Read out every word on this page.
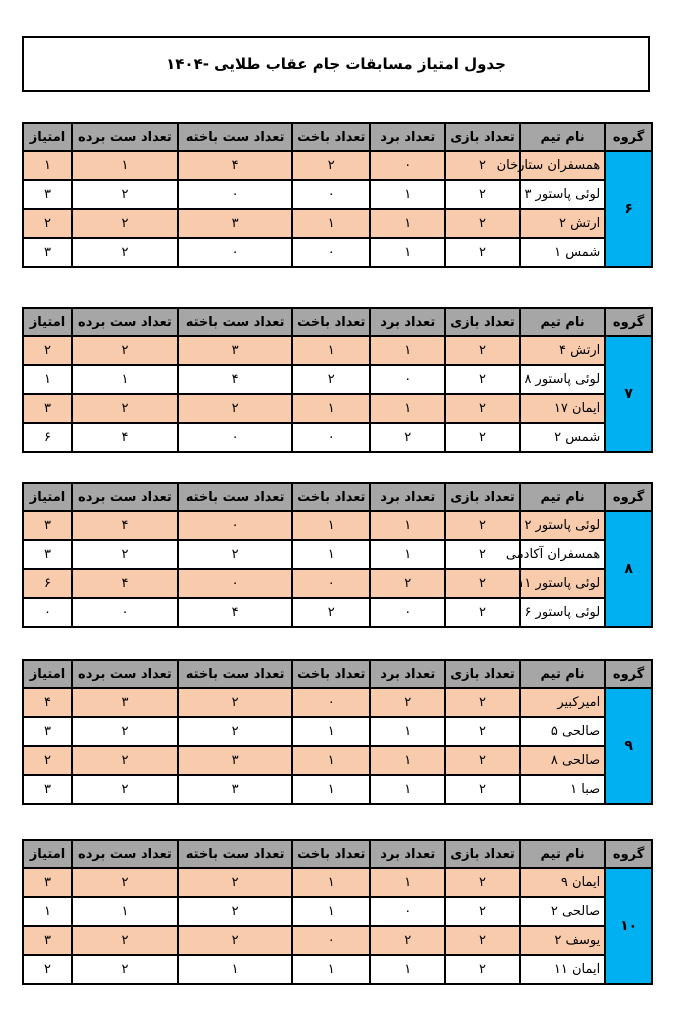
جدول امتیاز مسابقات جام عقاب طلایی -۱۴۰۴
گروه	نام تیم	تعداد بازی	تعداد برد	تعداد باخت	تعداد ست باخته	تعداد ست برده	امتیاز
۶	همسفران ستارخان	۲	۰	۲	۴	۱	۱
	لوئی پاستور ۳	۲	۱	۰	۰	۲	۳
	ارتش ۲	۲	۱	۱	۳	۲	۲
	شمس ۱	۲	۱	۰	۰	۲	۳
گروه	نام تیم	تعداد بازی	تعداد برد	تعداد باخت	تعداد ست باخته	تعداد ست برده	امتیاز
۷	ارتش ۴	۲	۱	۱	۳	۲	۲
	لوئی پاستور ۸	۲	۰	۲	۴	۱	۱
	ایمان ۱۷	۲	۱	۱	۲	۲	۳
	شمس ۲	۲	۲	۰	۰	۴	۶
گروه	نام تیم	تعداد بازی	تعداد برد	تعداد باخت	تعداد ست باخته	تعداد ست برده	امتیاز
۸	لوئی پاستور ۲	۲	۱	۱	۰	۴	۳
	همسفران آکادمی	۲	۱	۱	۲	۲	۳
	لوئی پاستور ۱۱	۲	۲	۰	۰	۴	۶
	لوئی پاستور ۶	۲	۰	۲	۴	۰	۰
گروه	نام تیم	تعداد بازی	تعداد برد	تعداد باخت	تعداد ست باخته	تعداد ست برده	امتیاز
۹	امیرکبیر	۲	۲	۰	۲	۳	۴
	صالحی ۵	۲	۱	۱	۲	۲	۳
	صالحی ۸	۲	۱	۱	۳	۲	۲
	صبا ۱	۲	۱	۱	۳	۲	۳
گروه	نام تیم	تعداد بازی	تعداد برد	تعداد باخت	تعداد ست باخته	تعداد ست برده	امتیاز
۱۰	ایمان ۹	۲	۱	۱	۲	۲	۳
	صالحی ۲	۲	۰	۱	۲	۱	۱
	یوسف ۲	۲	۲	۰	۲	۲	۳
	ایمان ۱۱	۲	۱	۱	۱	۲	۲
